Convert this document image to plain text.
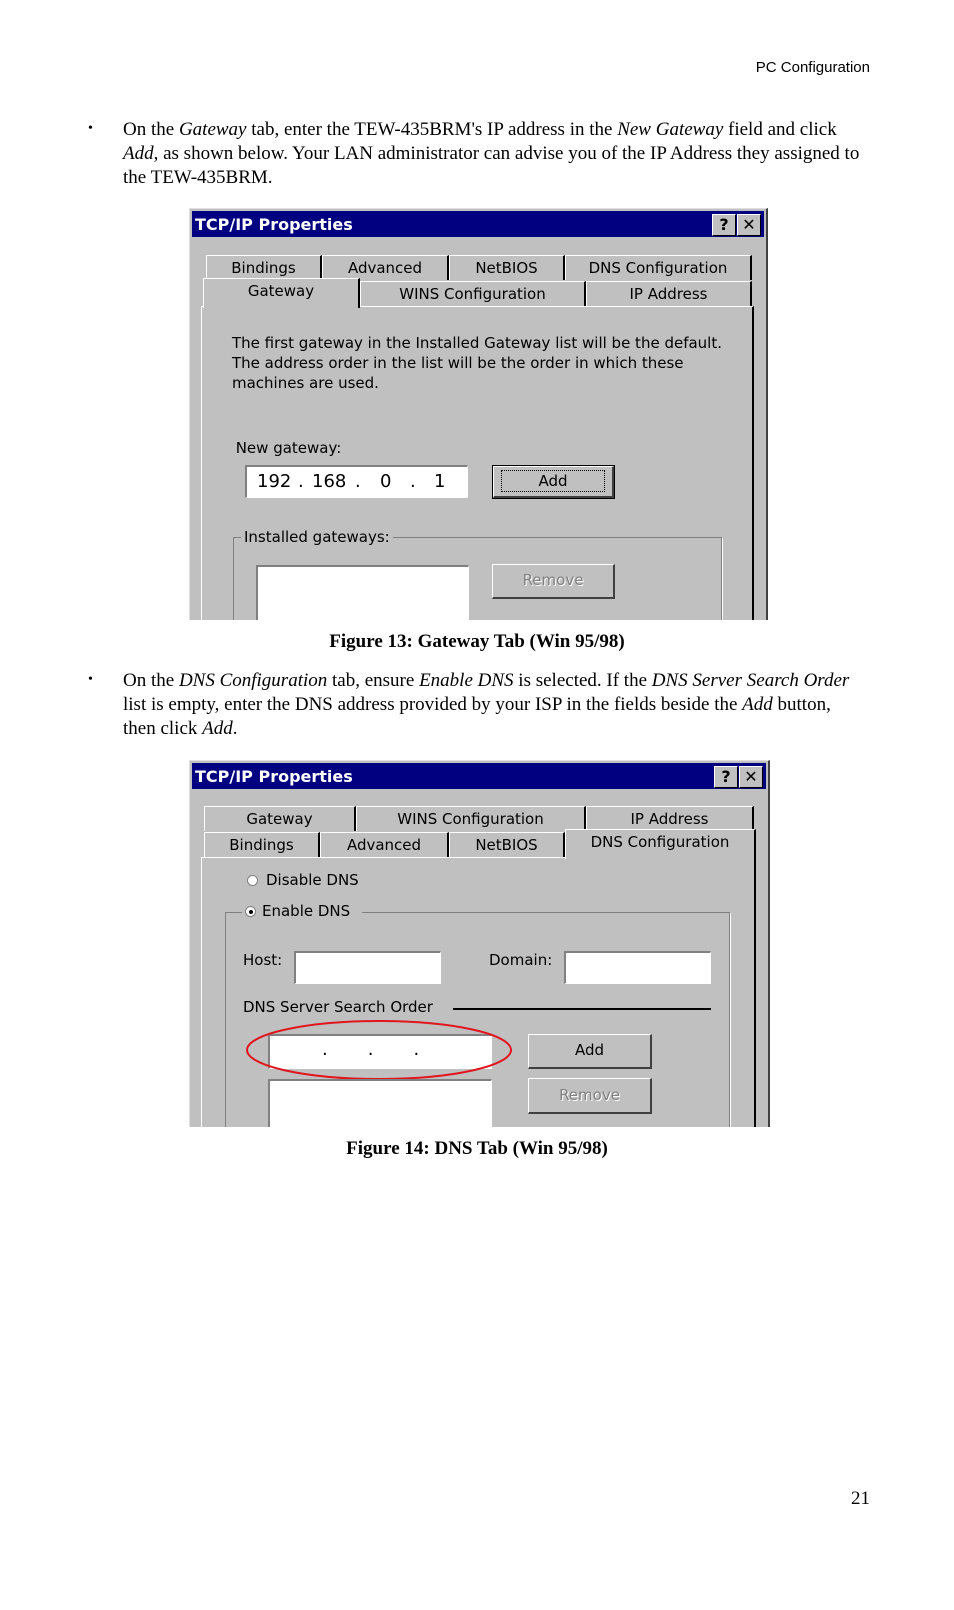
PC Configuration
• On the Gateway tab, enter the TEW-435BRM's IP address in the New Gateway field and click Add, as shown below. Your LAN administrator can advise you of the IP Address they assigned to the TEW-435BRM.
TCP/IP Properties	? ✕
Bindings	Advanced	NetBIOS	DNS Configuration
Gateway	WINS Configuration	IP Address
The first gateway in the Installed Gateway list will be the default. The address order in the list will be the order in which these machines are used.
New gateway:
192 . 168 . 0 . 1	Add
Installed gateways:
Remove
Figure 13: Gateway Tab (Win 95/98)
• On the DNS Configuration tab, ensure Enable DNS is selected. If the DNS Server Search Order list is empty, enter the DNS address provided by your ISP in the fields beside the Add button, then click Add.
TCP/IP Properties	? ✕
Gateway	WINS Configuration	IP Address
Bindings	Advanced	NetBIOS	DNS Configuration
Disable DNS
Enable DNS
Host:	Domain:
DNS Server Search Order
.       .       .	Add
Remove
Figure 14: DNS Tab (Win 95/98)
21
